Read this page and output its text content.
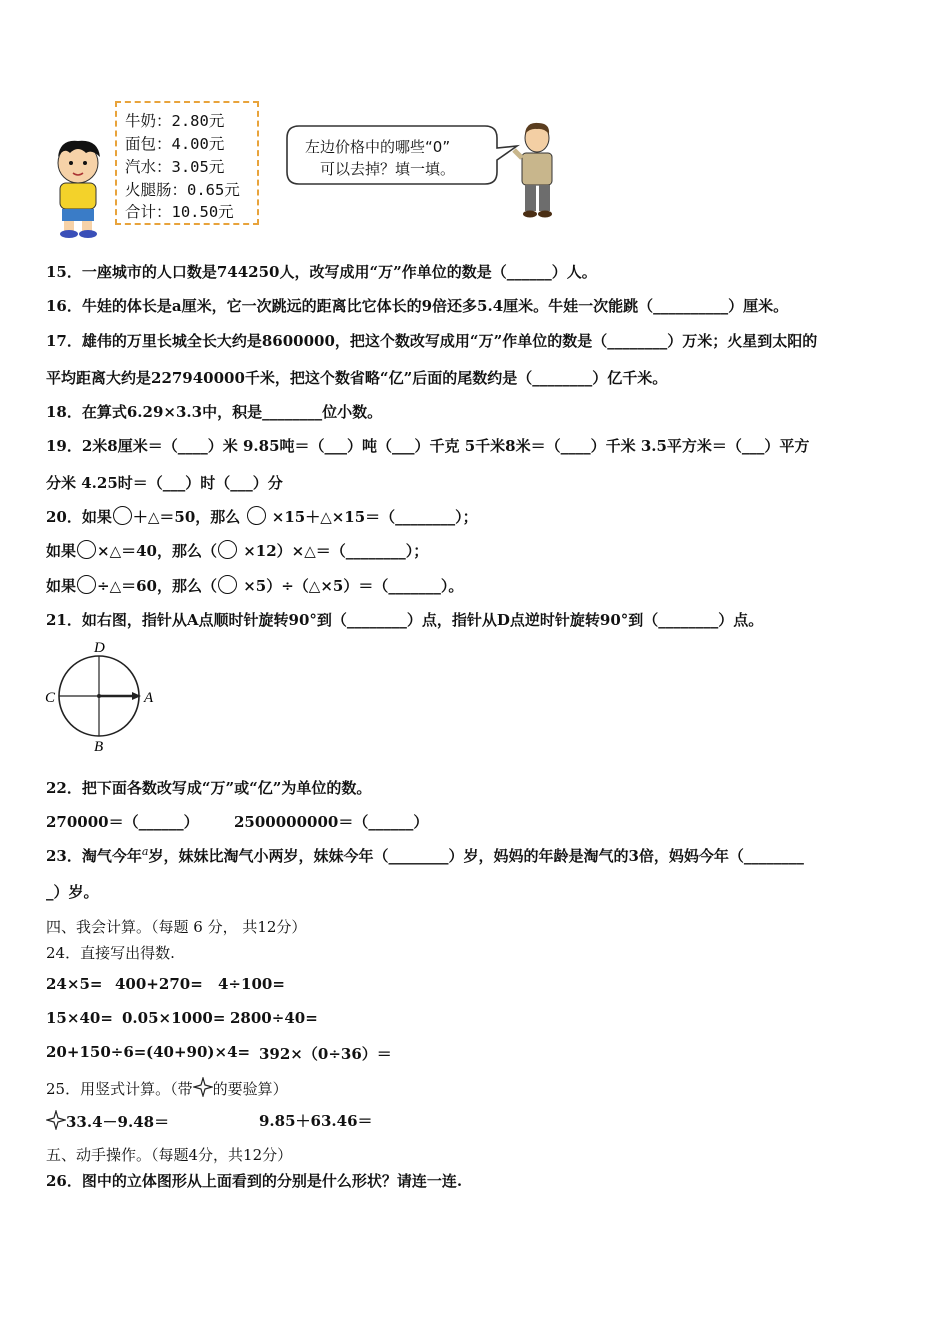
牛奶：2.80元
面包：4.00元
汽水：3.05元
火腿肠：0.65元
合计：10.50元
左边价格中的哪些“0”
可以去掉？填一填。
15．一座城市的人口数是744250人，改写成用“万”作单位的数是（______）人。
16．牛娃的体长是a厘米，它一次跳远的距离比它体长的9倍还多5.4厘米。牛娃一次能跳（__________）厘米。
17．雄伟的万里长城全长大约是8600000，把这个数改写成用“万”作单位的数是（________）万米；火星到太阳的
平均距离大约是227940000千米，把这个数省略“亿”后面的尾数约是（________）亿千米。
18．在算式6.29×3.3中，积是________位小数。
19．2米8厘米＝（____）米 9.85吨＝（___）吨（___）千克 5千米8米＝（____）千米 3.5平方米＝（___）平方
分米 4.25时＝（___）时（___）分
20．如果 ＋△＝50，那么 ×15＋△×15＝（________）；
如果 ×△＝40，那么（ ×12）×△＝（________）；
如果 ÷△＝60，那么（ ×5）÷（△×5）＝（_______）。
21．如右图，指针从A点顺时针旋转90°到（________）点，指针从D点逆时针旋转90°到（________）点。
D
C	A
B
22．把下面各数改写成“万”或“亿”为单位的数。
270000＝（______） 2500000000＝（______）
23．淘气今年$^a$岁，妹妹比淘气小两岁，妹妹今年（________）岁，妈妈的年龄是淘气的3倍，妈妈今年（________
_）岁。
四、我会计算。（每题 6 分， 共12分）
24．直接写出得数.
24×5= 400+270= 4÷100=
15×40= 0.05×1000= 2800÷40=
20+150÷6= (40+90)×4= 392×（0÷36）＝
25．用竖式计算。（带 的要验算）
33.4－9.48＝	9.85＋63.46＝
五、动手操作。（每题4分，共12分）
26．图中的立体图形从上面看到的分别是什么形状？请连一连.
